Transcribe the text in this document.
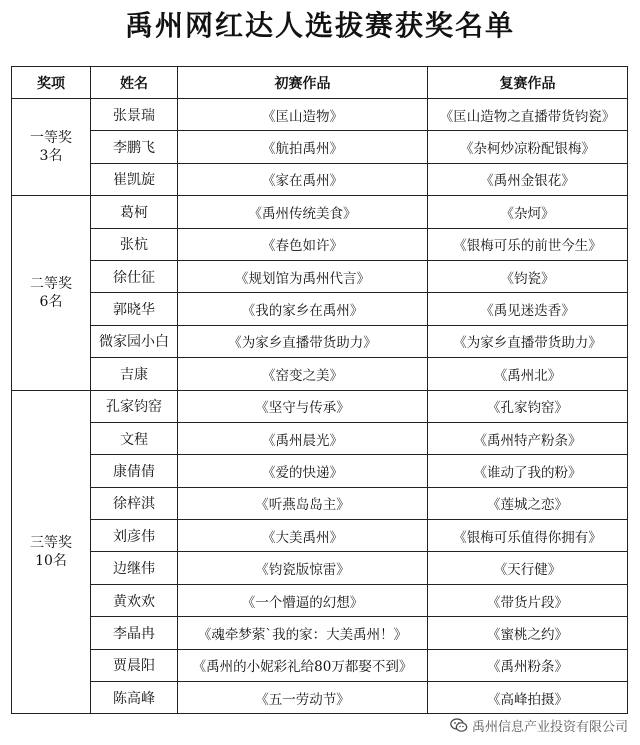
禹州网红达人选拔赛获奖名单
奖项	姓名	初赛作品	复赛作品

一等奖
3名	张景瑞	《匡山造物》	《匡山造物之直播带货钧瓷》
	李鹏飞	《航拍禹州》	《杂柯炒凉粉配银梅》
	崔凯旋	《家在禹州》	《禹州金银花》

二等奖
6名	葛柯	《禹州传统美食》	《杂炣》
	张杭	《春色如许》	《银梅可乐的前世今生》
	徐仕征	《规划馆为禹州代言》	《钧瓷》
	郭晓华	《我的家乡在禹州》	《禹见迷迭香》
	微家园小白	《为家乡直播带货助力》	《为家乡直播带货助力》
	吉康	《窑变之美》	《禹州北》

三等奖
10名	孔家钧窑	《坚守与传承》	《孔家钧窑》
	文程	《禹州晨光》	《禹州特产粉条》
	康倩倩	《爱的快递》	《谁动了我的粉》
	徐梓淇	《听燕岛岛主》	《莲城之恋》
	刘彦伟	《大美禹州》	《银梅可乐值得你拥有》
	边继伟	《钧瓷版惊雷》	《天行健》
	黄欢欢	《一个懵逼的幻想》	《带货片段》
	李晶冉	《魂牵梦萦`我的家：大美禹州！》	《蜜桃之约》
	贾晨阳	《禹州的小妮彩礼给80万都娶不到》	《禹州粉条》
	陈高峰	《五一劳动节》	《高峰拍摄》
禹州信息产业投资有限公司
